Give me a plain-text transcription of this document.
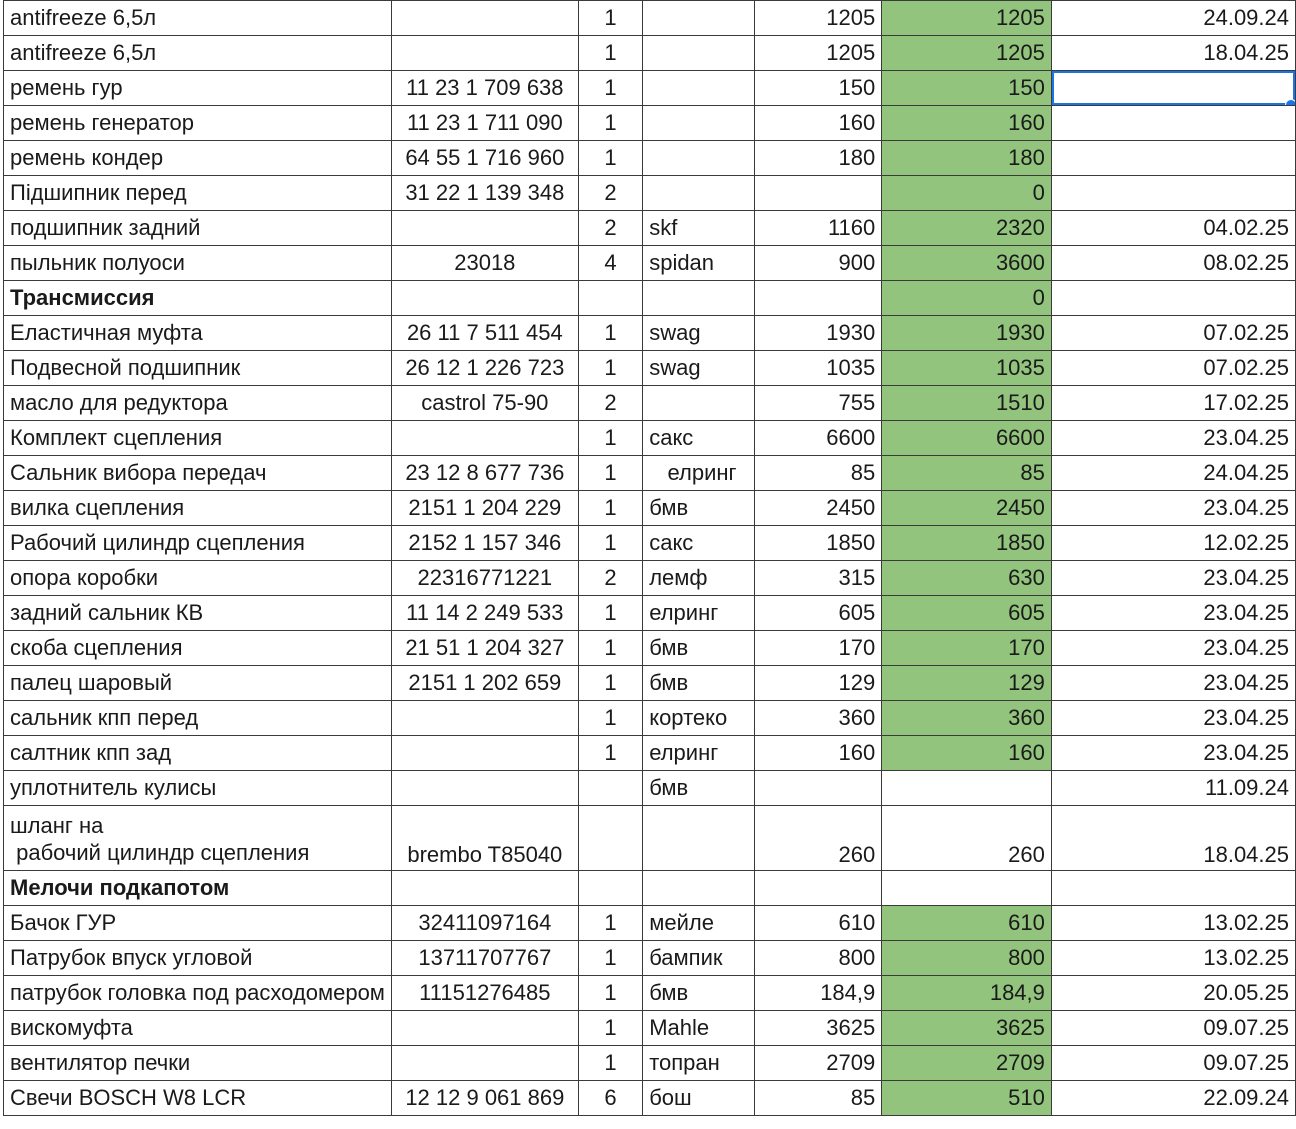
antifreeze 6,5л		1		1205	1205	24.09.24
antifreeze 6,5л		1		1205	1205	18.04.25
ремень гур	11 23 1 709 638	1		150	150	

ремень генератор	11 23 1 711 090	1		160	160	
ремень кондер	64 55 1 716 960	1		180	180	
Підшипник перед	31 22 1 139 348	2			0	
подшипник задний		2	skf	1160	2320	04.02.25
пыльник полуоси	23018	4	spidan	900	3600	08.02.25
Трансмиссия					0	
Еластичная муфта	26 11 7 511 454	1	swag	1930	1930	07.02.25
Подвесной подшипник	26 12 1 226 723	1	swag	1035	1035	07.02.25
масло для редуктора	castrol 75-90	2		755	1510	17.02.25
Комплект сцепления		1	сакс	6600	6600	23.04.25
Сальник вибора передач	23 12 8 677 736	1	елринг	85	85	24.04.25
вилка сцепления	2151 1 204 229	1	бмв	2450	2450	23.04.25
Рабочий цилиндр сцепления	2152 1 157 346	1	сакс	1850	1850	12.02.25
опора коробки	22316771221	2	лемф	315	630	23.04.25
задний сальник КВ	11 14 2 249 533	1	елринг	605	605	23.04.25
скоба сцепления	21 51 1 204 327	1	бмв	170	170	23.04.25
палец шаровый	2151 1 202 659	1	бмв	129	129	23.04.25
сальник кпп перед		1	кортеко	360	360	23.04.25
салтник кпп зад		1	елринг	160	160	23.04.25
уплотнитель кулисы			бмв			11.09.24
шланг на
рабочий цилиндр сцепления	brembo T85040			260	260	18.04.25
Мелочи подкапотом						
Бачок ГУР	32411097164	1	мейле	610	610	13.02.25
Патрубок впуск угловой	13711707767	1	бампик	800	800	13.02.25
патрубок головка под расходомером	11151276485	1	бмв	184,9	184,9	20.05.25
вискомуфта		1	Mahle	3625	3625	09.07.25
вентилятор печки		1	топран	2709	2709	09.07.25
Свечи BOSCH W8 LCR	12 12 9 061 869	6	бош	85	510	22.09.24
